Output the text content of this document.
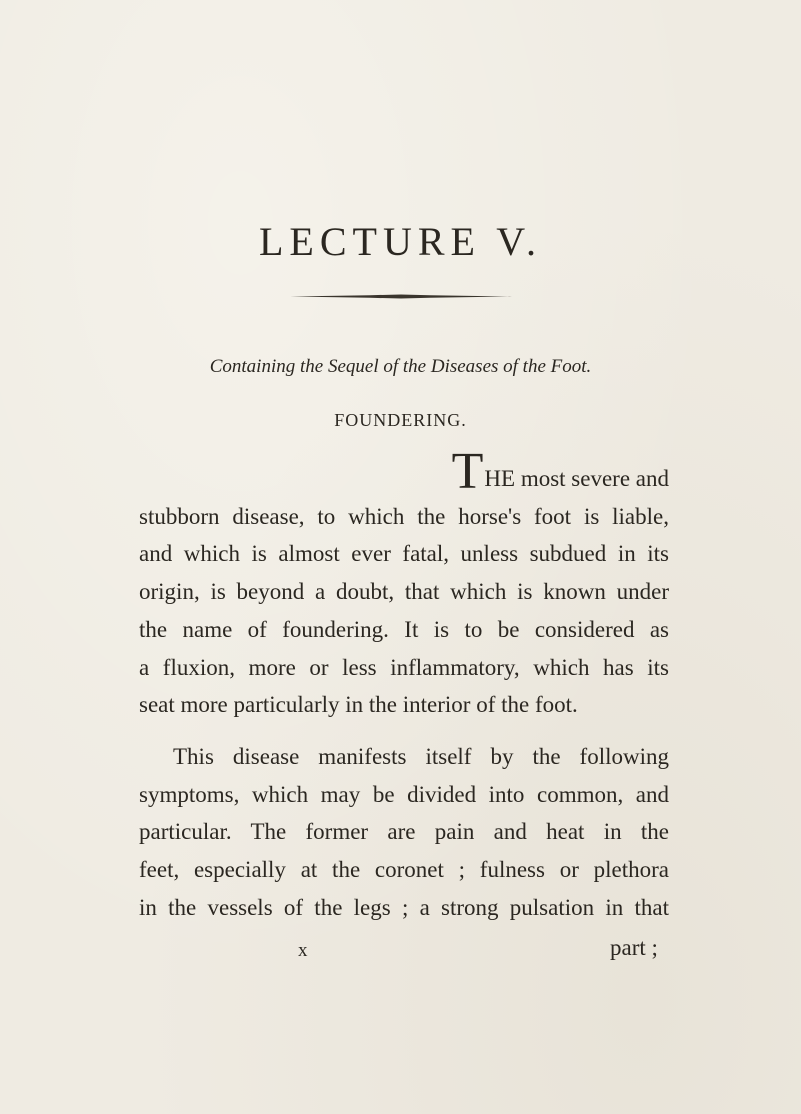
LECTURE V.

Containing the Sequel of the Diseases of the Foot.

FOUNDERING.

THE most severe and
stubborn disease, to which the horse's foot is liable,
and which is almost ever fatal, unless subdued in its
origin, is beyond a doubt, that which is known under
the name of foundering. It is to be considered as
a fluxion, more or less inflammatory, which has its
seat more particularly in the interior of the foot.
This disease manifests itself by the following
symptoms, which may be divided into common, and
particular. The former are pain and heat in the
feet, especially at the coronet ; fulness or plethora
in the vessels of the legs ; a strong pulsation in that
x	part ;
